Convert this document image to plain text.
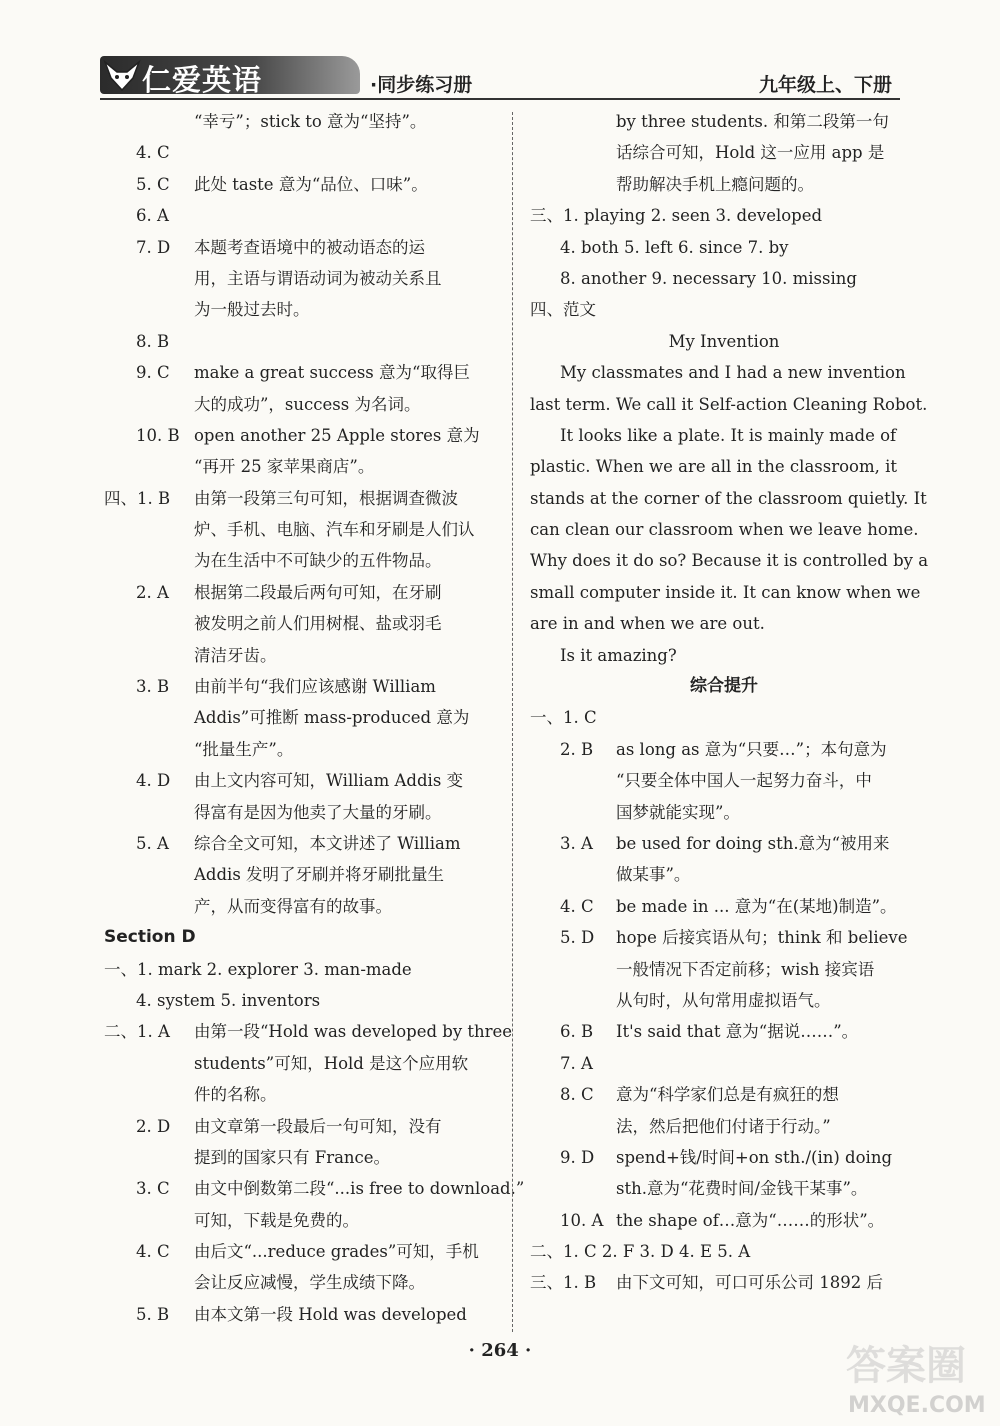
仁爱英语	·同步练习册	九年级上、下册
“幸亏”；stick to 意为“坚持”。
4. C
5. C 此处 taste 意为“品位、口味”。
6. A
7. D 本题考查语境中的被动语态的运
用，主语与谓语动词为被动关系且
为一般过去时。
8. B
9. C make a great success 意为“取得巨
大的成功”，success 为名词。
10. B open another 25 Apple stores 意为
“再开 25 家苹果商店”。
四、1. B 由第一段第三句可知，根据调查微波
炉、手机、电脑、汽车和牙刷是人们认
为在生活中不可缺少的五件物品。
2. A 根据第二段最后两句可知，在牙刷
被发明之前人们用树棍、盐或羽毛
清洁牙齿。
3. B 由前半句“我们应该感谢 William
Addis”可推断 mass-produced 意为
“批量生产”。
4. D 由上文内容可知，William Addis 变
得富有是因为他卖了大量的牙刷。
5. A 综合全文可知，本文讲述了 William
Addis 发明了牙刷并将牙刷批量生
产，从而变得富有的故事。
Section D
一、1. mark 2. explorer 3. man-made
4. system 5. inventors
二、1. A 由第一段“Hold was developed by three
students”可知，Hold 是这个应用软
件的名称。
2. D 由文章第一段最后一句可知，没有
提到的国家只有 France。
3. C 由文中倒数第二段“...is free to download.”
可知，下载是免费的。
4. C 由后文“...reduce grades”可知，手机
会让反应减慢，学生成绩下降。
5. B 由本文第一段 Hold was developed
by three students. 和第二段第一句
话综合可知，Hold 这一应用 app 是
帮助解决手机上瘾问题的。
三、1. playing 2. seen 3. developed
4. both 5. left 6. since 7. by
8. another 9. necessary 10. missing
四、范文
My Invention
My classmates and I had a new invention
last term. We call it Self-action Cleaning Robot.
It looks like a plate. It is mainly made of
plastic. When we are all in the classroom, it
stands at the corner of the classroom quietly. It
can clean our classroom when we leave home.
Why does it do so? Because it is controlled by a
small computer inside it. It can know when we
are in and when we are out.
Is it amazing?
综合提升
一、1. C
2. B as long as 意为“只要…”；本句意为
“只要全体中国人一起努力奋斗，中
国梦就能实现”。
3. A be used for doing sth.意为“被用来
做某事”。
4. C be made in ... 意为“在(某地)制造”。
5. D hope 后接宾语从句；think 和 believe
一般情况下否定前移；wish 接宾语
从句时，从句常用虚拟语气。
6. B It's said that 意为“据说……”。
7. A
8. C 意为“科学家们总是有疯狂的想
法，然后把他们付诸于行动。”
9. D spend+钱/时间+on sth./(in) doing
sth.意为“花费时间/金钱干某事”。
10. A the shape of…意为“……的形状”。
二、1. C 2. F 3. D 4. E 5. A
三、1. B 由下文可知，可口可乐公司 1892 后
· 264 ·	答案圈
MXQE.COM
